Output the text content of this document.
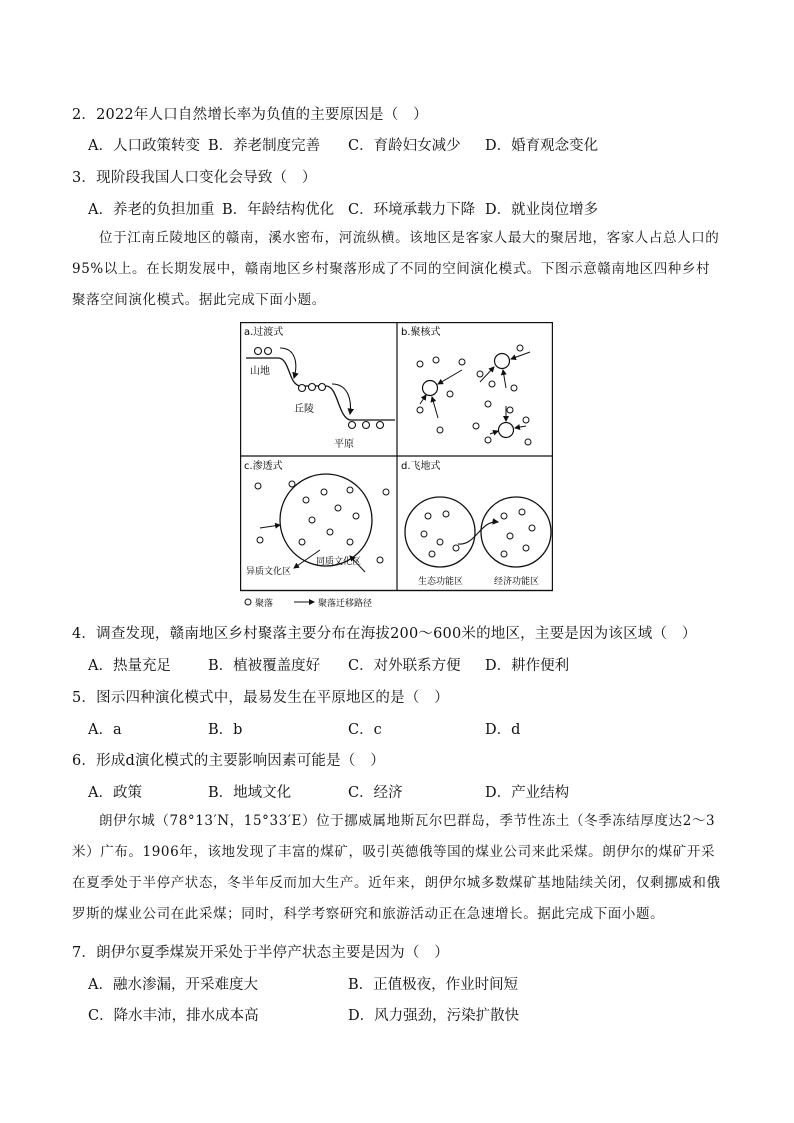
2．2022年人口自然增长率为负值的主要原因是（　）
A．人口政策转变 B．养老制度完善 C．育龄妇女减少 D．婚育观念变化
3．现阶段我国人口变化会导致（　）
A．养老的负担加重 B．年龄结构优化 C．环境承载力下降 D．就业岗位增多
位于江南丘陵地区的赣南，溪水密布，河流纵横。该地区是客家人最大的聚居地，客家人占总人口的95%以上。在长期发展中，赣南地区乡村聚落形成了不同的空间演化模式。下图示意赣南地区四种乡村聚落空间演化模式。据此完成下面小题。
a.过渡式
山地
丘陵
平原
b.聚核式
c.渗透式
同质文化区
异质文化区
d.飞地式
生态功能区	经济功能区
聚落	聚落迁移路径
4．调查发现，赣南地区乡村聚落主要分布在海拔200～600米的地区，主要是因为该区域（　）
A．热量充足	B．植被覆盖度好 C．对外联系方便 D．耕作便利
5．图示四种演化模式中，最易发生在平原地区的是（　）
A．a	B．b	C．c	D．d
6．形成d演化模式的主要影响因素可能是（　）
A．政策	B．地域文化	C．经济	D．产业结构
朗伊尔城（78°13′N，15°33′E）位于挪威属地斯瓦尔巴群岛，季节性冻土（冬季冻结厚度达2～3米）广布。1906年，该地发现了丰富的煤矿，吸引英德俄等国的煤业公司来此采煤。朗伊尔的煤矿开采在夏季处于半停产状态，冬半年反而加大生产。近年来，朗伊尔城多数煤矿基地陆续关闭，仅剩挪威和俄罗斯的煤业公司在此采煤；同时，科学考察研究和旅游活动正在急速增长。据此完成下面小题。
7．朗伊尔夏季煤炭开采处于半停产状态主要是因为（　）
A．融水渗漏，开采难度大	B．正值极夜，作业时间短
C．降水丰沛，排水成本高	D．风力强劲，污染扩散快
